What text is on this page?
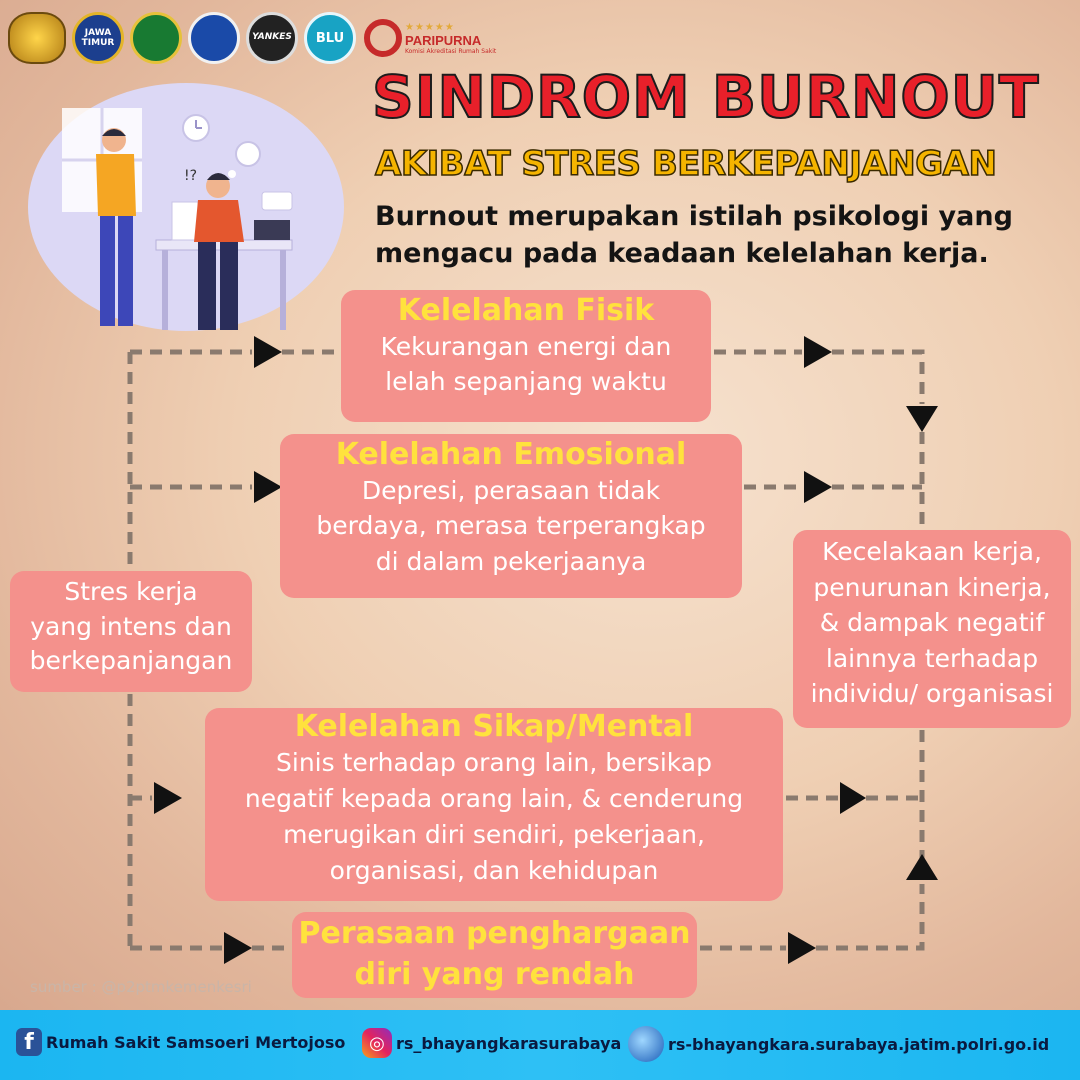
JAWA TIMUR
YANKES BLU
★★★★★
PARIPURNA
Komisi Akreditasi Rumah Sakit
!?
SINDROM BURNOUT
AKIBAT STRES BERKEPANJANGAN

Burnout merupakan istilah psikologi yang
mengacu pada keadaan kelelahan kerja.

Kelelahan Fisik
Kekurangan energi dan
lelah sepanjang waktu
Kelelahan Emosional
Depresi, perasaan tidak
berdaya, merasa terperangkap
di dalam pekerjaanya
Kelelahan Sikap/Mental
Sinis terhadap orang lain, bersikap
negatif kepada orang lain, & cenderung
merugikan diri sendiri, pekerjaan,
organisasi, dan kehidupan
Perasaan penghargaan
diri yang rendah
Stres kerja
yang intens dan
berkepanjangan
Kecelakaan kerja,
penurunan kinerja,
& dampak negatif
lainnya terhadap
individu/ organisasi
sumber : @p2ptmkemenkesri
f Rumah Sakit Samsoeri Mertojoso	◎ rs_bhayangkarasurabaya	rs-bhayangkara.surabaya.jatim.polri.go.id
